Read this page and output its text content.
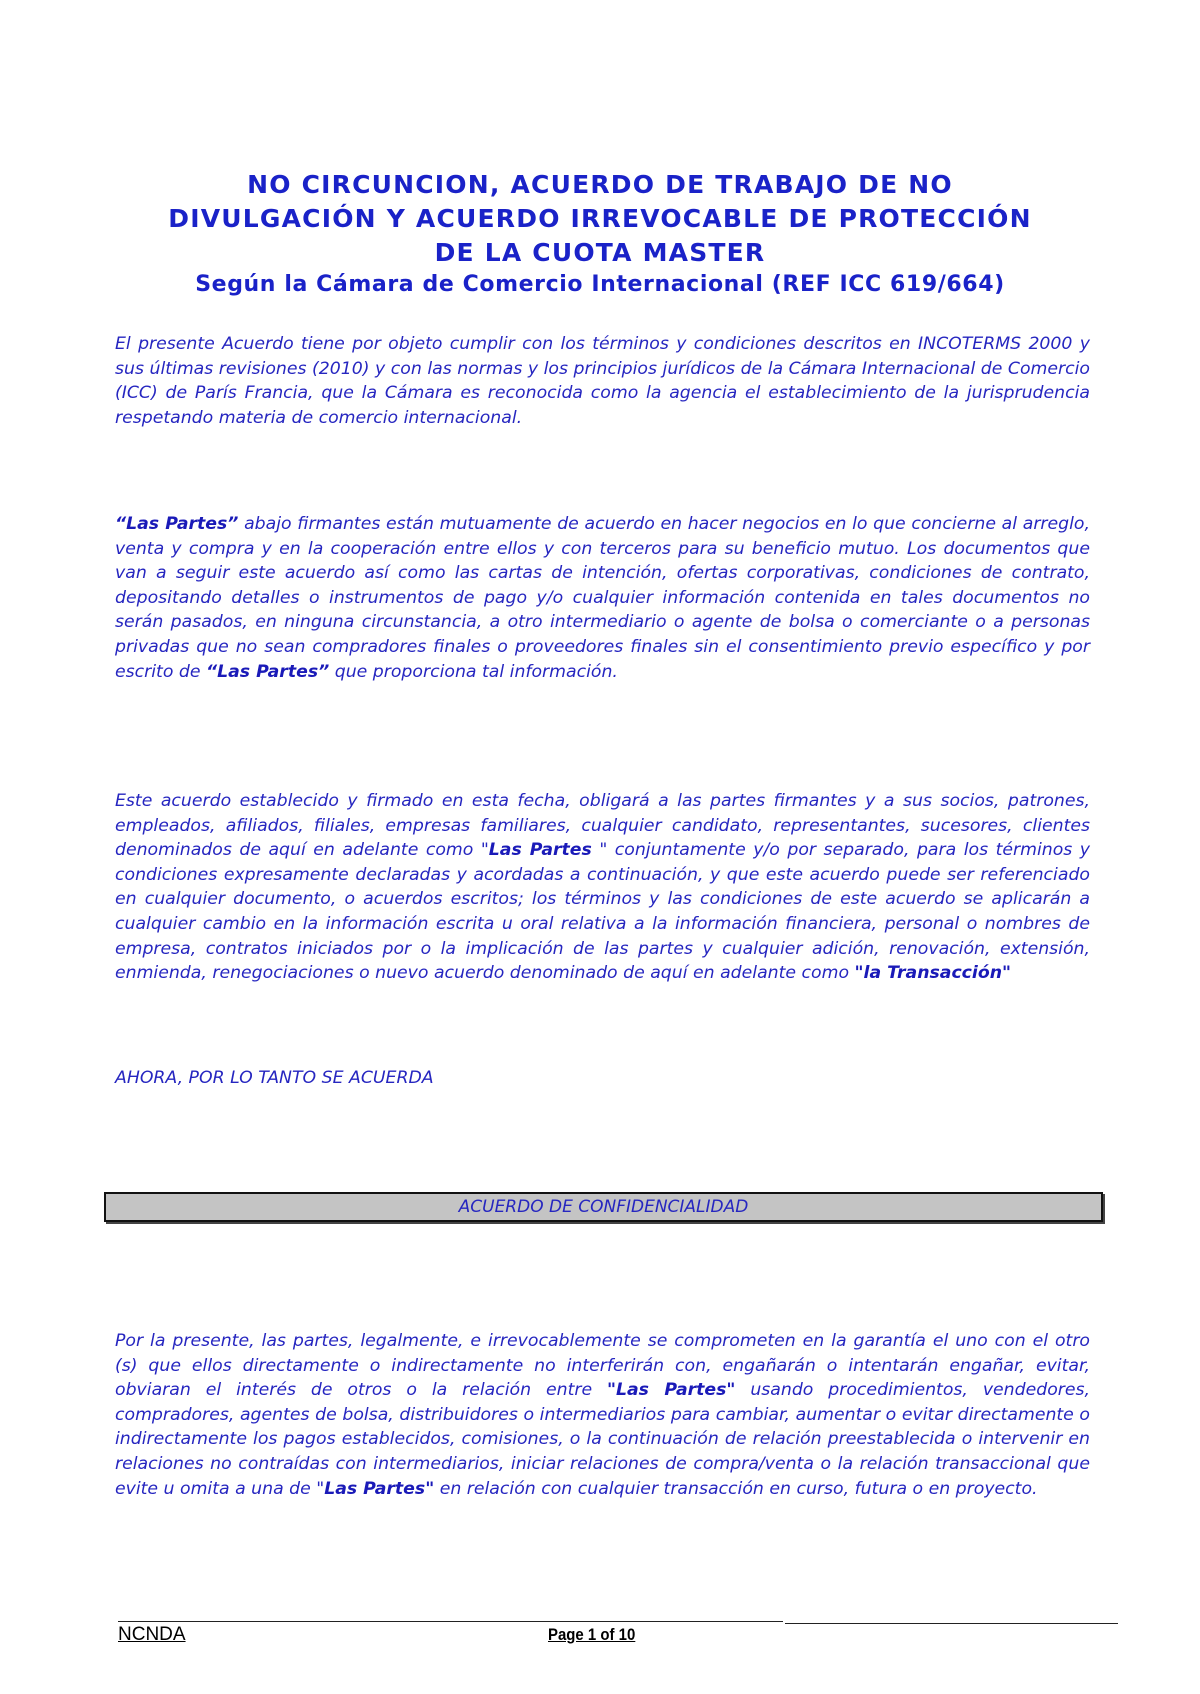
NO CIRCUNCION, ACUERDO DE TRABAJO DE NO
DIVULGACIÓN Y ACUERDO IRREVOCABLE DE PROTECCIÓN
DE LA CUOTA MASTER
Según la Cámara de Comercio Internacional (REF ICC 619/664)

El presente Acuerdo tiene por objeto cumplir con los términos y condiciones descritos en INCOTERMS 2000 y sus últimas revisiones (2010) y con las normas y los principios jurídicos de la Cámara Internacional de Comercio (ICC) de París Francia, que la Cámara es reconocida como la agencia el establecimiento de la jurisprudencia respetando materia de comercio internacional.

“Las Partes” abajo firmantes están mutuamente de acuerdo en hacer negocios en lo que concierne al arreglo, venta y compra y en la cooperación entre ellos y con terceros para su beneficio mutuo. Los documentos que van a seguir este acuerdo así como las cartas de intención, ofertas corporativas, condiciones de contrato, depositando detalles o instrumentos de pago y/o cualquier información contenida en tales documentos no serán pasados, en ninguna circunstancia, a otro intermediario o agente de bolsa o comerciante o a personas privadas que no sean compradores finales o proveedores finales sin el consentimiento previo específico y por escrito de “Las Partes” que proporciona tal información.

Este acuerdo establecido y firmado en esta fecha, obligará a las partes firmantes y a sus socios, patrones, empleados, afiliados, filiales, empresas familiares, cualquier candidato, representantes, sucesores, clientes denominados de aquí en adelante como "Las Partes " conjuntamente y/o por separado, para los términos y condiciones expresamente declaradas y acordadas a continuación, y que este acuerdo puede ser referenciado en cualquier documento, o acuerdos escritos; los términos y las condiciones de este acuerdo se aplicarán a cualquier cambio en la información escrita u oral relativa a la información financiera, personal o nombres de empresa, contratos iniciados por o la implicación de las partes y cualquier adición, renovación, extensión, enmienda, renegociaciones o nuevo acuerdo denominado de aquí en adelante como "la Transacción"

AHORA, POR LO TANTO SE ACUERDA

ACUERDO DE CONFIDENCIALIDAD

Por la presente, las partes, legalmente, e irrevocablemente se comprometen en la garantía el uno con el otro (s) que ellos directamente o indirectamente no interferirán con, engañarán o intentarán engañar, evitar, obviaran el interés de otros o la relación entre "Las Partes" usando procedimientos, vendedores, compradores, agentes de bolsa, distribuidores o intermediarios para cambiar, aumentar o evitar directamente o indirectamente los pagos establecidos, comisiones, o la continuación de relación preestablecida o intervenir en relaciones no contraídas con intermediarios, iniciar relaciones de compra/venta o la relación transaccional que evite u omita a una de "Las Partes" en relación con cualquier transacción en curso, futura o en proyecto.

NCNDA	Page 1 of 10
